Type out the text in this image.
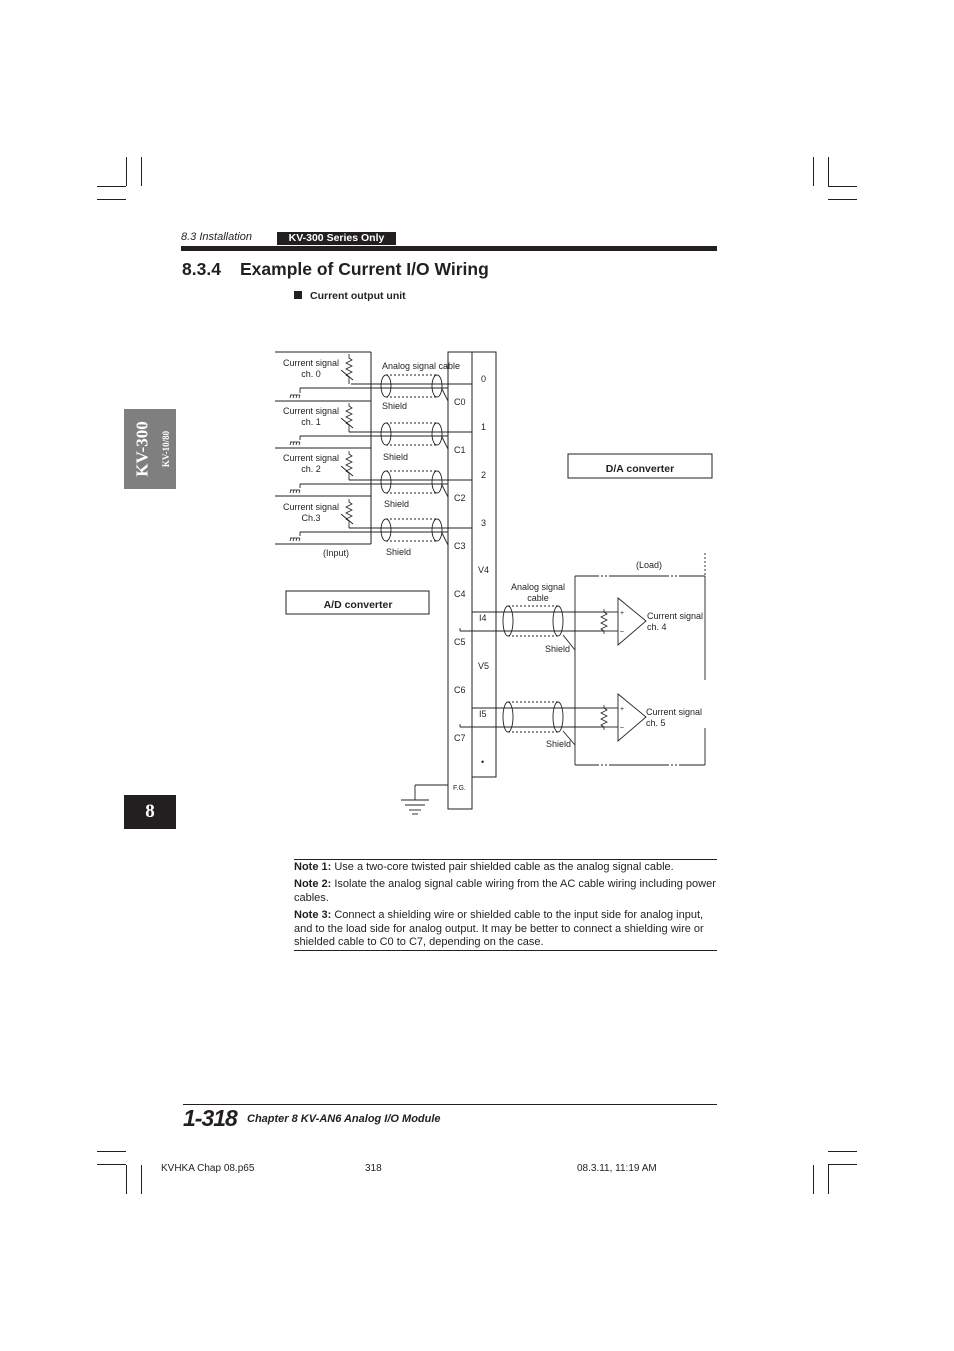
8.3 Installation	KV-300 Series Only
8.3.4 Example of Current I/O Wiring
Current output unit
KV-300 KV-10/80
8
Current signal
ch. 0
Current signal
ch. 1
Current signal
ch. 2
Current signal
Ch.3
Analog signal cable
Shield
Shield
Shield
Shield
(Input)
0
1
2
3
V4
I4
V5
I5
•
C0
C1
C2
C3
C4
C5
C6
C7
F.G.
Analog signal
cable
(Load)
Shield
Shield
Current signal
ch. 4
Current signal
ch. 5
+
–
+
–
D/A converter
A/D converter
Note 1: Use a two-core twisted pair shielded cable as the analog signal cable.
Note 2: Isolate the analog signal cable wiring from the AC cable wiring including power cables.
Note 3: Connect a shielding wire or shielded cable to the input side for analog input, and to the load side for analog output. It may be better to connect a shielding wire or shielded cable to C0 to C7, depending on the case.
1-318 Chapter 8 KV-AN6 Analog I/O Module
KVHKA Chap 08.p65	318	08.3.11, 11:19 AM
